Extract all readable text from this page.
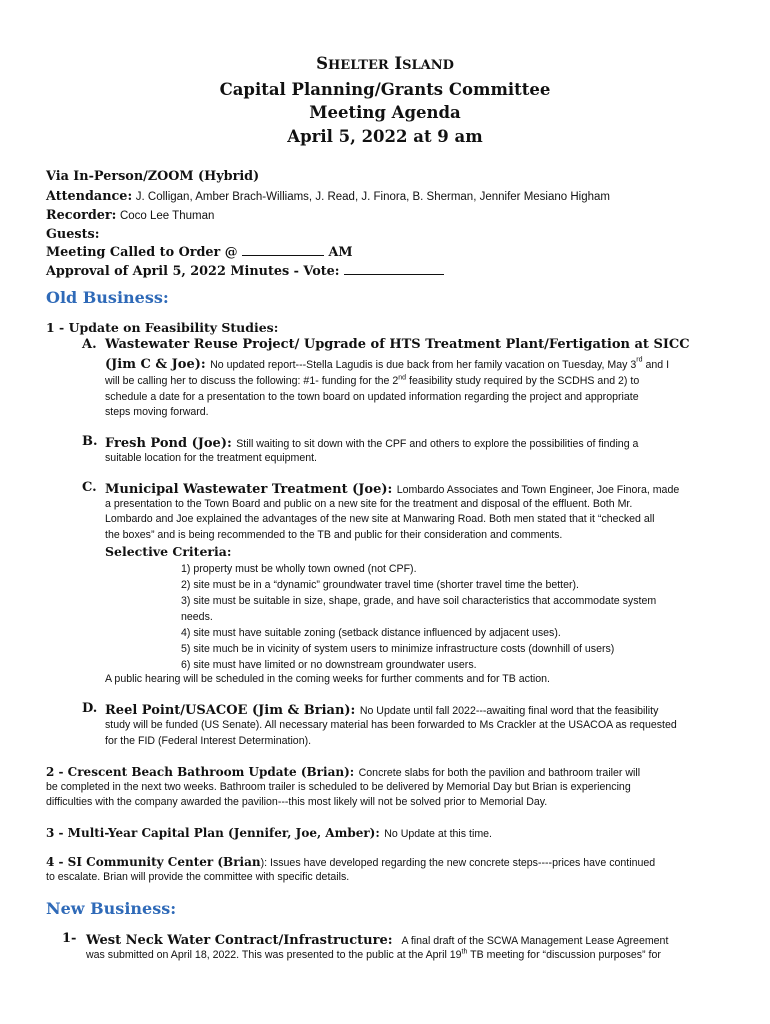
SHELTER ISLAND
Capital Planning/Grants Committee
Meeting Agenda
April 5, 2022 at 9 am
Via In-Person/ZOOM (Hybrid)
Attendance: J. Colligan, Amber Brach-Williams, J. Read, J. Finora, B. Sherman, Jennifer Mesiano Higham
Recorder: Coco Lee Thuman
Guests:
Meeting Called to Order @	AM
Approval of April 5, 2022 Minutes - Vote:
Old Business:
1 - Update on Feasibility Studies:
A. Wastewater Reuse Project/ Upgrade of HTS Treatment Plant/Fertigation at SICC
(Jim C & Joe): No updated report---Stella Lagudis is due back from her family vacation on Tuesday, May 3rd and I
will be calling her to discuss the following: #1- funding for the 2nd feasibility study required by the SCDHS and 2) to
schedule a date for a presentation to the town board on updated information regarding the project and appropriate
steps moving forward.
B. Fresh Pond (Joe): Still waiting to sit down with the CPF and others to explore the possibilities of finding a
suitable location for the treatment equipment.
C. Municipal Wastewater Treatment (Joe): Lombardo Associates and Town Engineer, Joe Finora, made
a presentation to the Town Board and public on a new site for the treatment and disposal of the effluent. Both Mr.
Lombardo and Joe explained the advantages of the new site at Manwaring Road. Both men stated that it “checked all
the boxes” and is being recommended to the TB and public for their consideration and comments.
Selective Criteria:
1) property must be wholly town owned (not CPF).
2) site must be in a “dynamic” groundwater travel time (shorter travel time the better).
3) site must be suitable in size, shape, grade, and have soil characteristics that accommodate system
needs.
4) site must have suitable zoning (setback distance influenced by adjacent uses).
5) site much be in vicinity of system users to minimize infrastructure costs (downhill of users)
6) site must have limited or no downstream groundwater users.
A public hearing will be scheduled in the coming weeks for further comments and for TB action.
D. Reel Point/USACOE (Jim & Brian): No Update until fall 2022---awaiting final word that the feasibility
study will be funded (US Senate). All necessary material has been forwarded to Ms Crackler at the USACOA as requested
for the FID (Federal Interest Determination).
2 - Crescent Beach Bathroom Update (Brian): Concrete slabs for both the pavilion and bathroom trailer will
be completed in the next two weeks. Bathroom trailer is scheduled to be delivered by Memorial Day but Brian is experiencing
difficulties with the company awarded the pavilion---this most likely will not be solved prior to Memorial Day.
3 - Multi-Year Capital Plan (Jennifer, Joe, Amber): No Update at this time.
4 - SI Community Center (Brian): Issues have developed regarding the new concrete steps----prices have continued
to escalate. Brian will provide the committee with specific details.
New Business:
1- West Neck Water Contract/Infrastructure: A final draft of the SCWA Management Lease Agreement
was submitted on April 18, 2022. This was presented to the public at the April 19th TB meeting for “discussion purposes” for
